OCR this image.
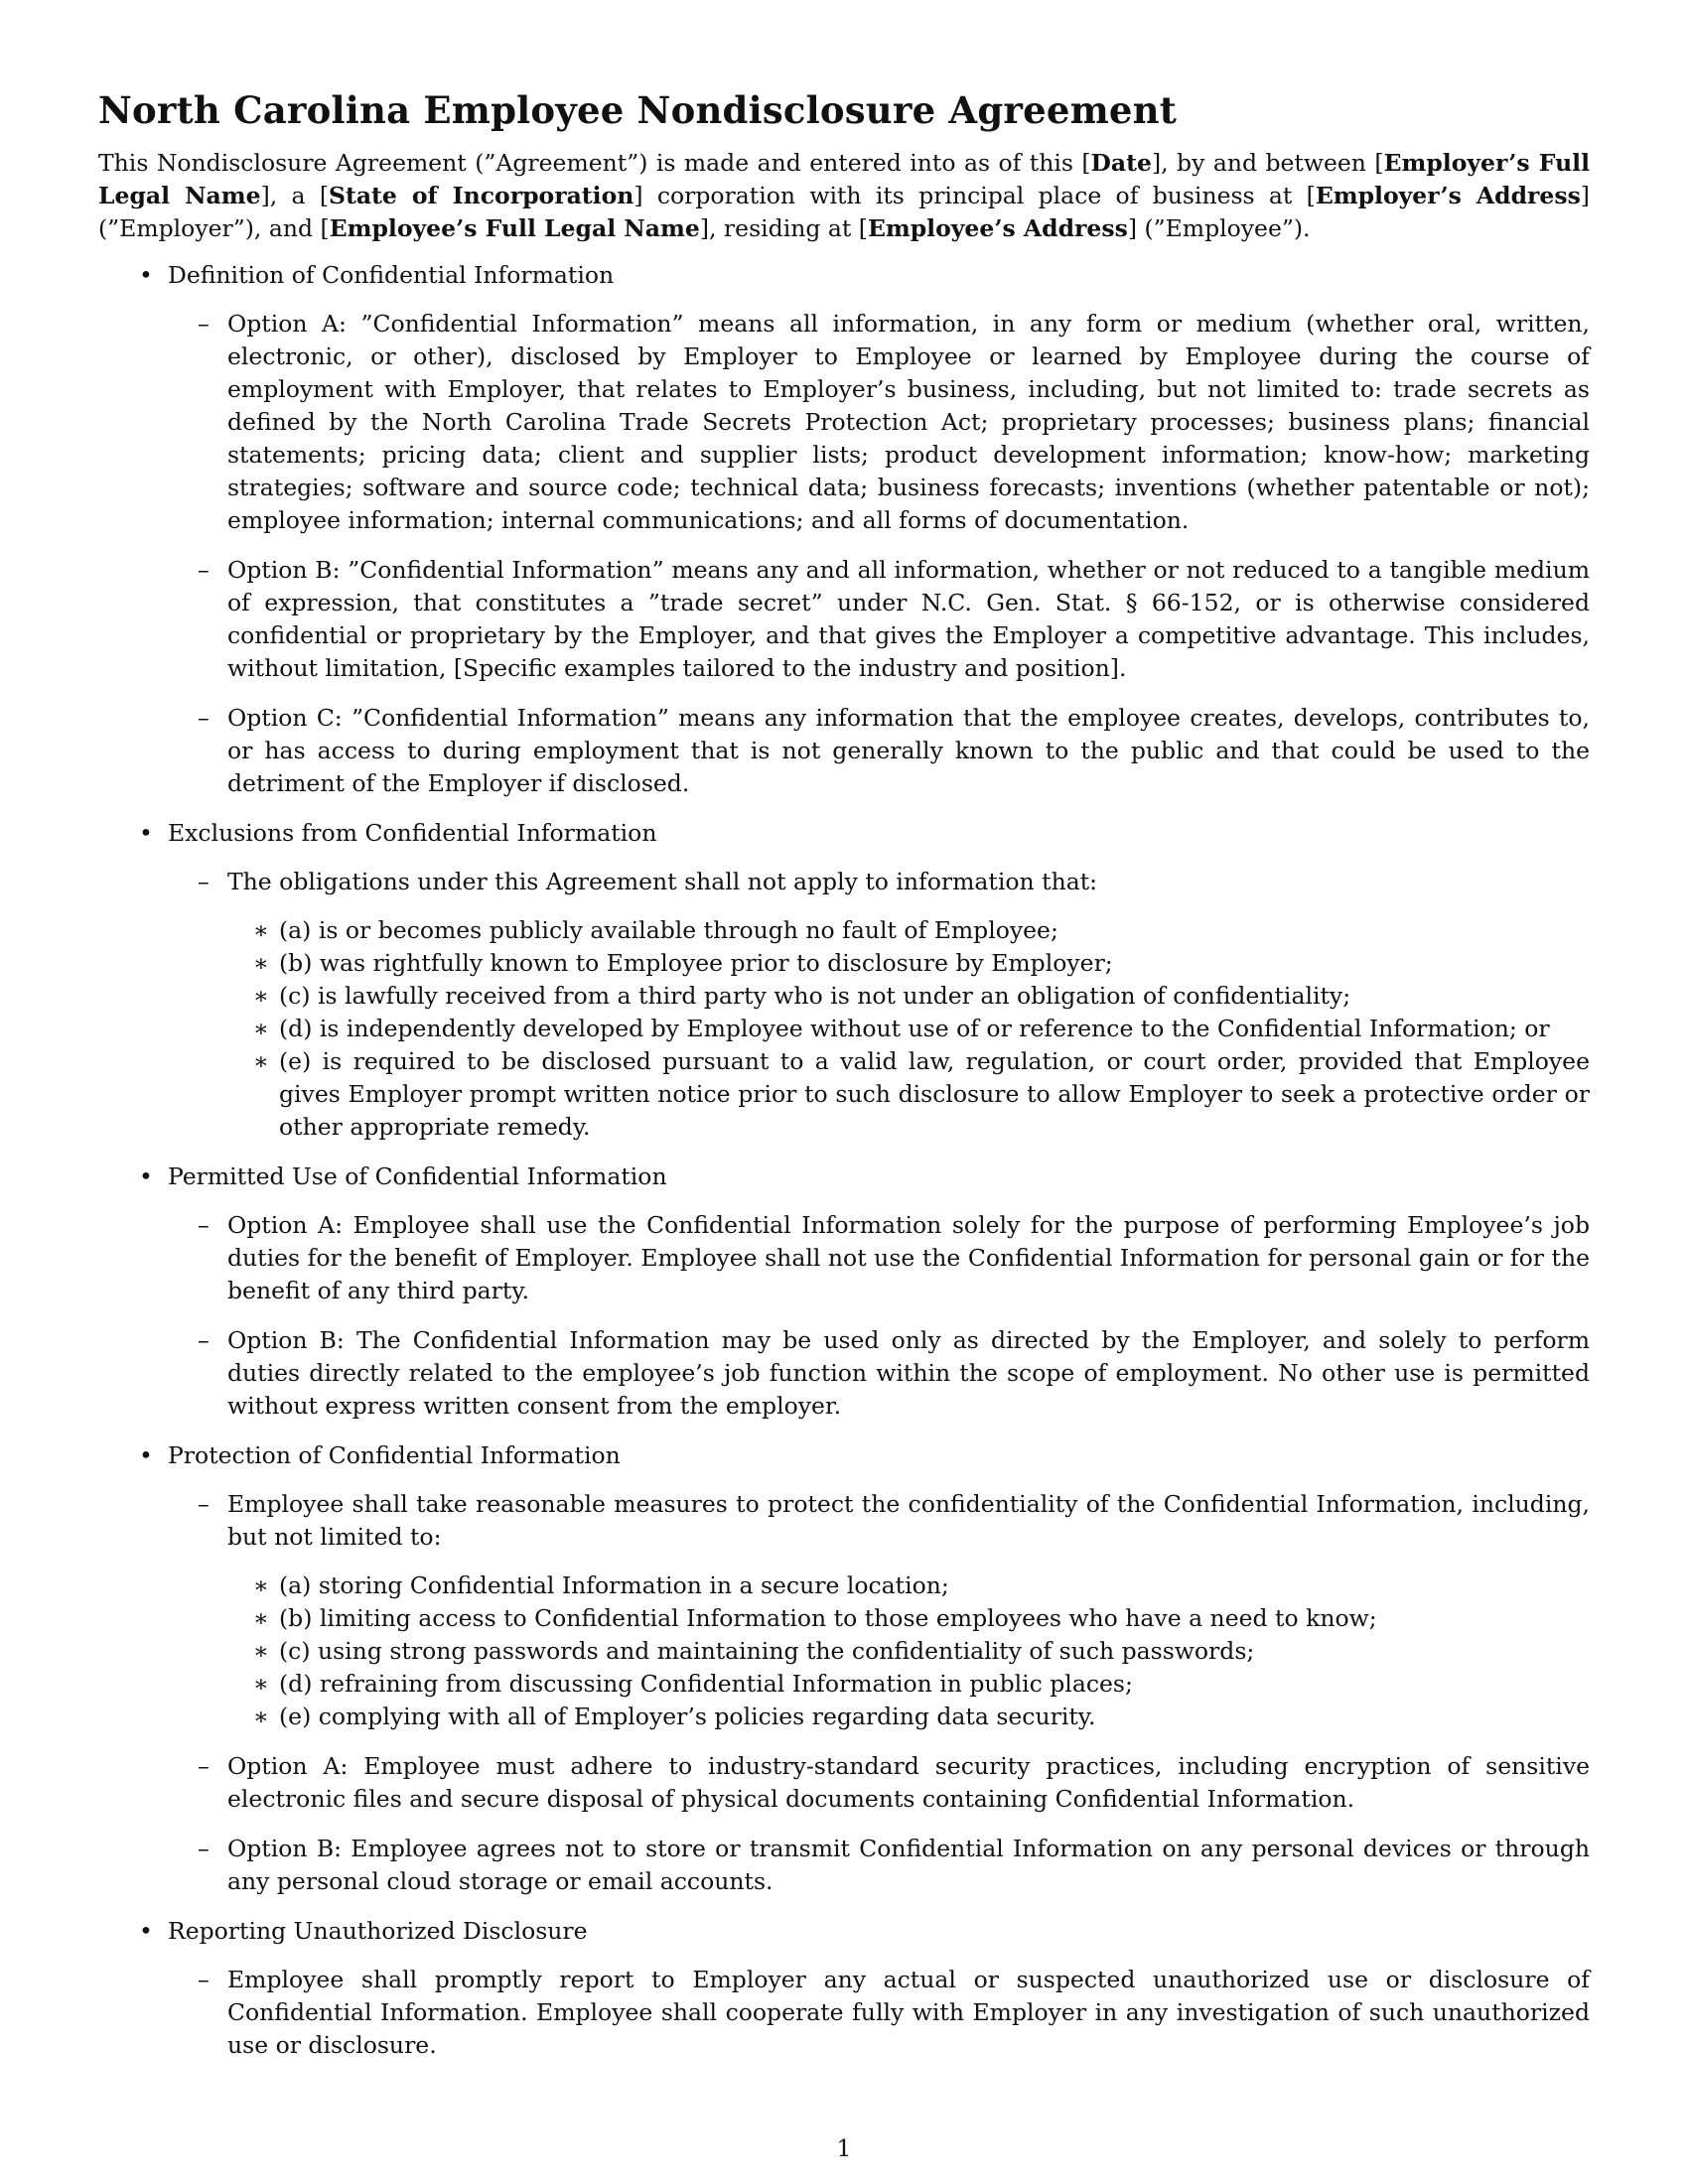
North Carolina Employee Nondisclosure Agreement

This Nondisclosure Agreement (”Agreement”) is made and entered into as of this [Date], by and between [Employer’s Full Legal Name], a [State of Incorporation] corporation with its principal place of business at [Employer’s Address] (”Employer”), and [Employee’s Full Legal Name], residing at [Employee’s Address] (”Employee”).

• Definition of Confidential Information
– Option A: ”Confidential Information” means all information, in any form or medium (whether oral, written, electronic, or other), disclosed by Employer to Employee or learned by Employee during the course of employment with Employer, that relates to Employer’s business, including, but not limited to: trade secrets as defined by the North Carolina Trade Secrets Protection Act; proprietary processes; business plans; financial statements; pricing data; client and supplier lists; product development information; know-how; marketing strategies; software and source code; technical data; business forecasts; inventions (whether patentable or not); employee information; internal communications; and all forms of documentation.
– Option B: ”Confidential Information” means any and all information, whether or not reduced to a tangible medium of expression, that constitutes a ”trade secret” under N.C. Gen. Stat. § 66-152, or is otherwise considered confidential or proprietary by the Employer, and that gives the Employer a competitive advantage. This includes, without limitation, [Specific examples tailored to the industry and position].
– Option C: ”Confidential Information” means any information that the employee creates, develops, contributes to, or has access to during employment that is not generally known to the public and that could be used to the detriment of the Employer if disclosed.
• Exclusions from Confidential Information
– The obligations under this Agreement shall not apply to information that:
∗ (a) is or becomes publicly available through no fault of Employee;
∗ (b) was rightfully known to Employee prior to disclosure by Employer;
∗ (c) is lawfully received from a third party who is not under an obligation of confidentiality;
∗ (d) is independently developed by Employee without use of or reference to the Confidential Information; or
∗ (e) is required to be disclosed pursuant to a valid law, regulation, or court order, provided that Employee gives Employer prompt written notice prior to such disclosure to allow Employer to seek a protective order or other appropriate remedy.
• Permitted Use of Confidential Information
– Option A: Employee shall use the Confidential Information solely for the purpose of performing Employee’s job duties for the benefit of Employer. Employee shall not use the Confidential Information for personal gain or for the benefit of any third party.
– Option B: The Confidential Information may be used only as directed by the Employer, and solely to perform duties directly related to the employee’s job function within the scope of employment. No other use is permitted without express written consent from the employer.
• Protection of Confidential Information
– Employee shall take reasonable measures to protect the confidentiality of the Confidential Information, including, but not limited to:
∗ (a) storing Confidential Information in a secure location;
∗ (b) limiting access to Confidential Information to those employees who have a need to know;
∗ (c) using strong passwords and maintaining the confidentiality of such passwords;
∗ (d) refraining from discussing Confidential Information in public places;
∗ (e) complying with all of Employer’s policies regarding data security.
– Option A: Employee must adhere to industry-standard security practices, including encryption of sensitive electronic files and secure disposal of physical documents containing Confidential Information.
– Option B: Employee agrees not to store or transmit Confidential Information on any personal devices or through any personal cloud storage or email accounts.
• Reporting Unauthorized Disclosure
– Employee shall promptly report to Employer any actual or suspected unauthorized use or disclosure of Confidential Information. Employee shall cooperate fully with Employer in any investigation of such unauthorized use or disclosure.
1
